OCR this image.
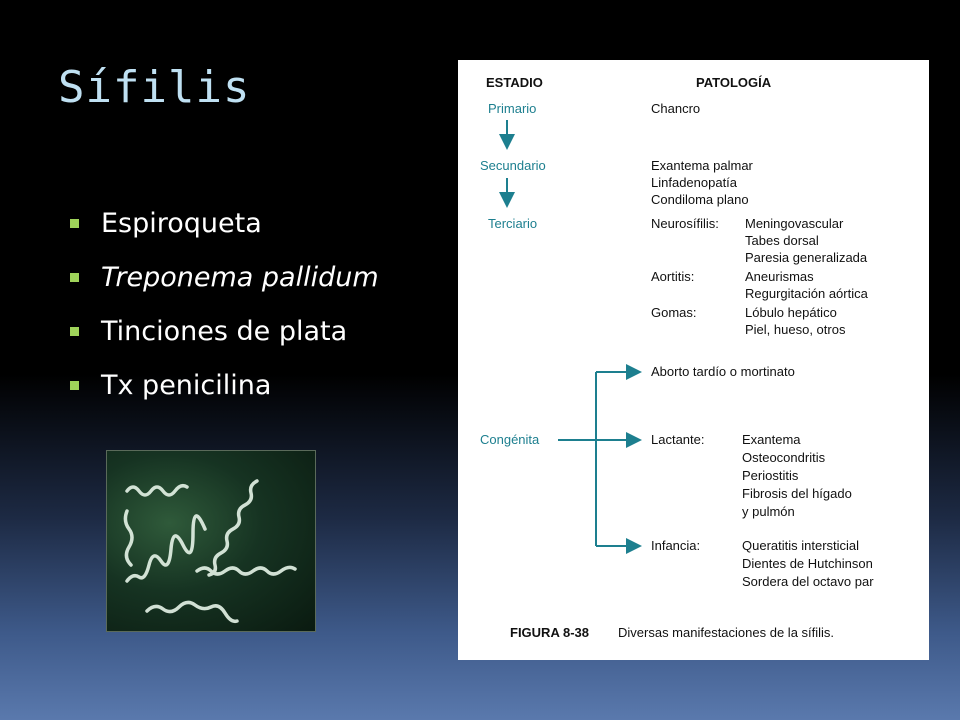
Sífilis
Espiroqueta
Treponema pallidum
Tinciones de plata
Tx penicilina
ESTADIO	PATOLOGÍA
Primario	Chancro
Secundario	Exantema palmar
Linfadenopatía
Condiloma plano
Terciario	Neurosífilis: Meningovascular
Tabes dorsal
Paresia generalizada
Aortitis:	Aneurismas
Regurgitación aórtica
Gomas:	Lóbulo hepático
Piel, hueso, otros
Aborto tardío o mortinato
Congénita	Lactante:	Exantema
Osteocondritis
Periostitis
Fibrosis del hígado
y pulmón
Infancia:	Queratitis intersticial
Dientes de Hutchinson
Sordera del octavo par
FIGURA 8-38 Diversas manifestaciones de la sífilis.
